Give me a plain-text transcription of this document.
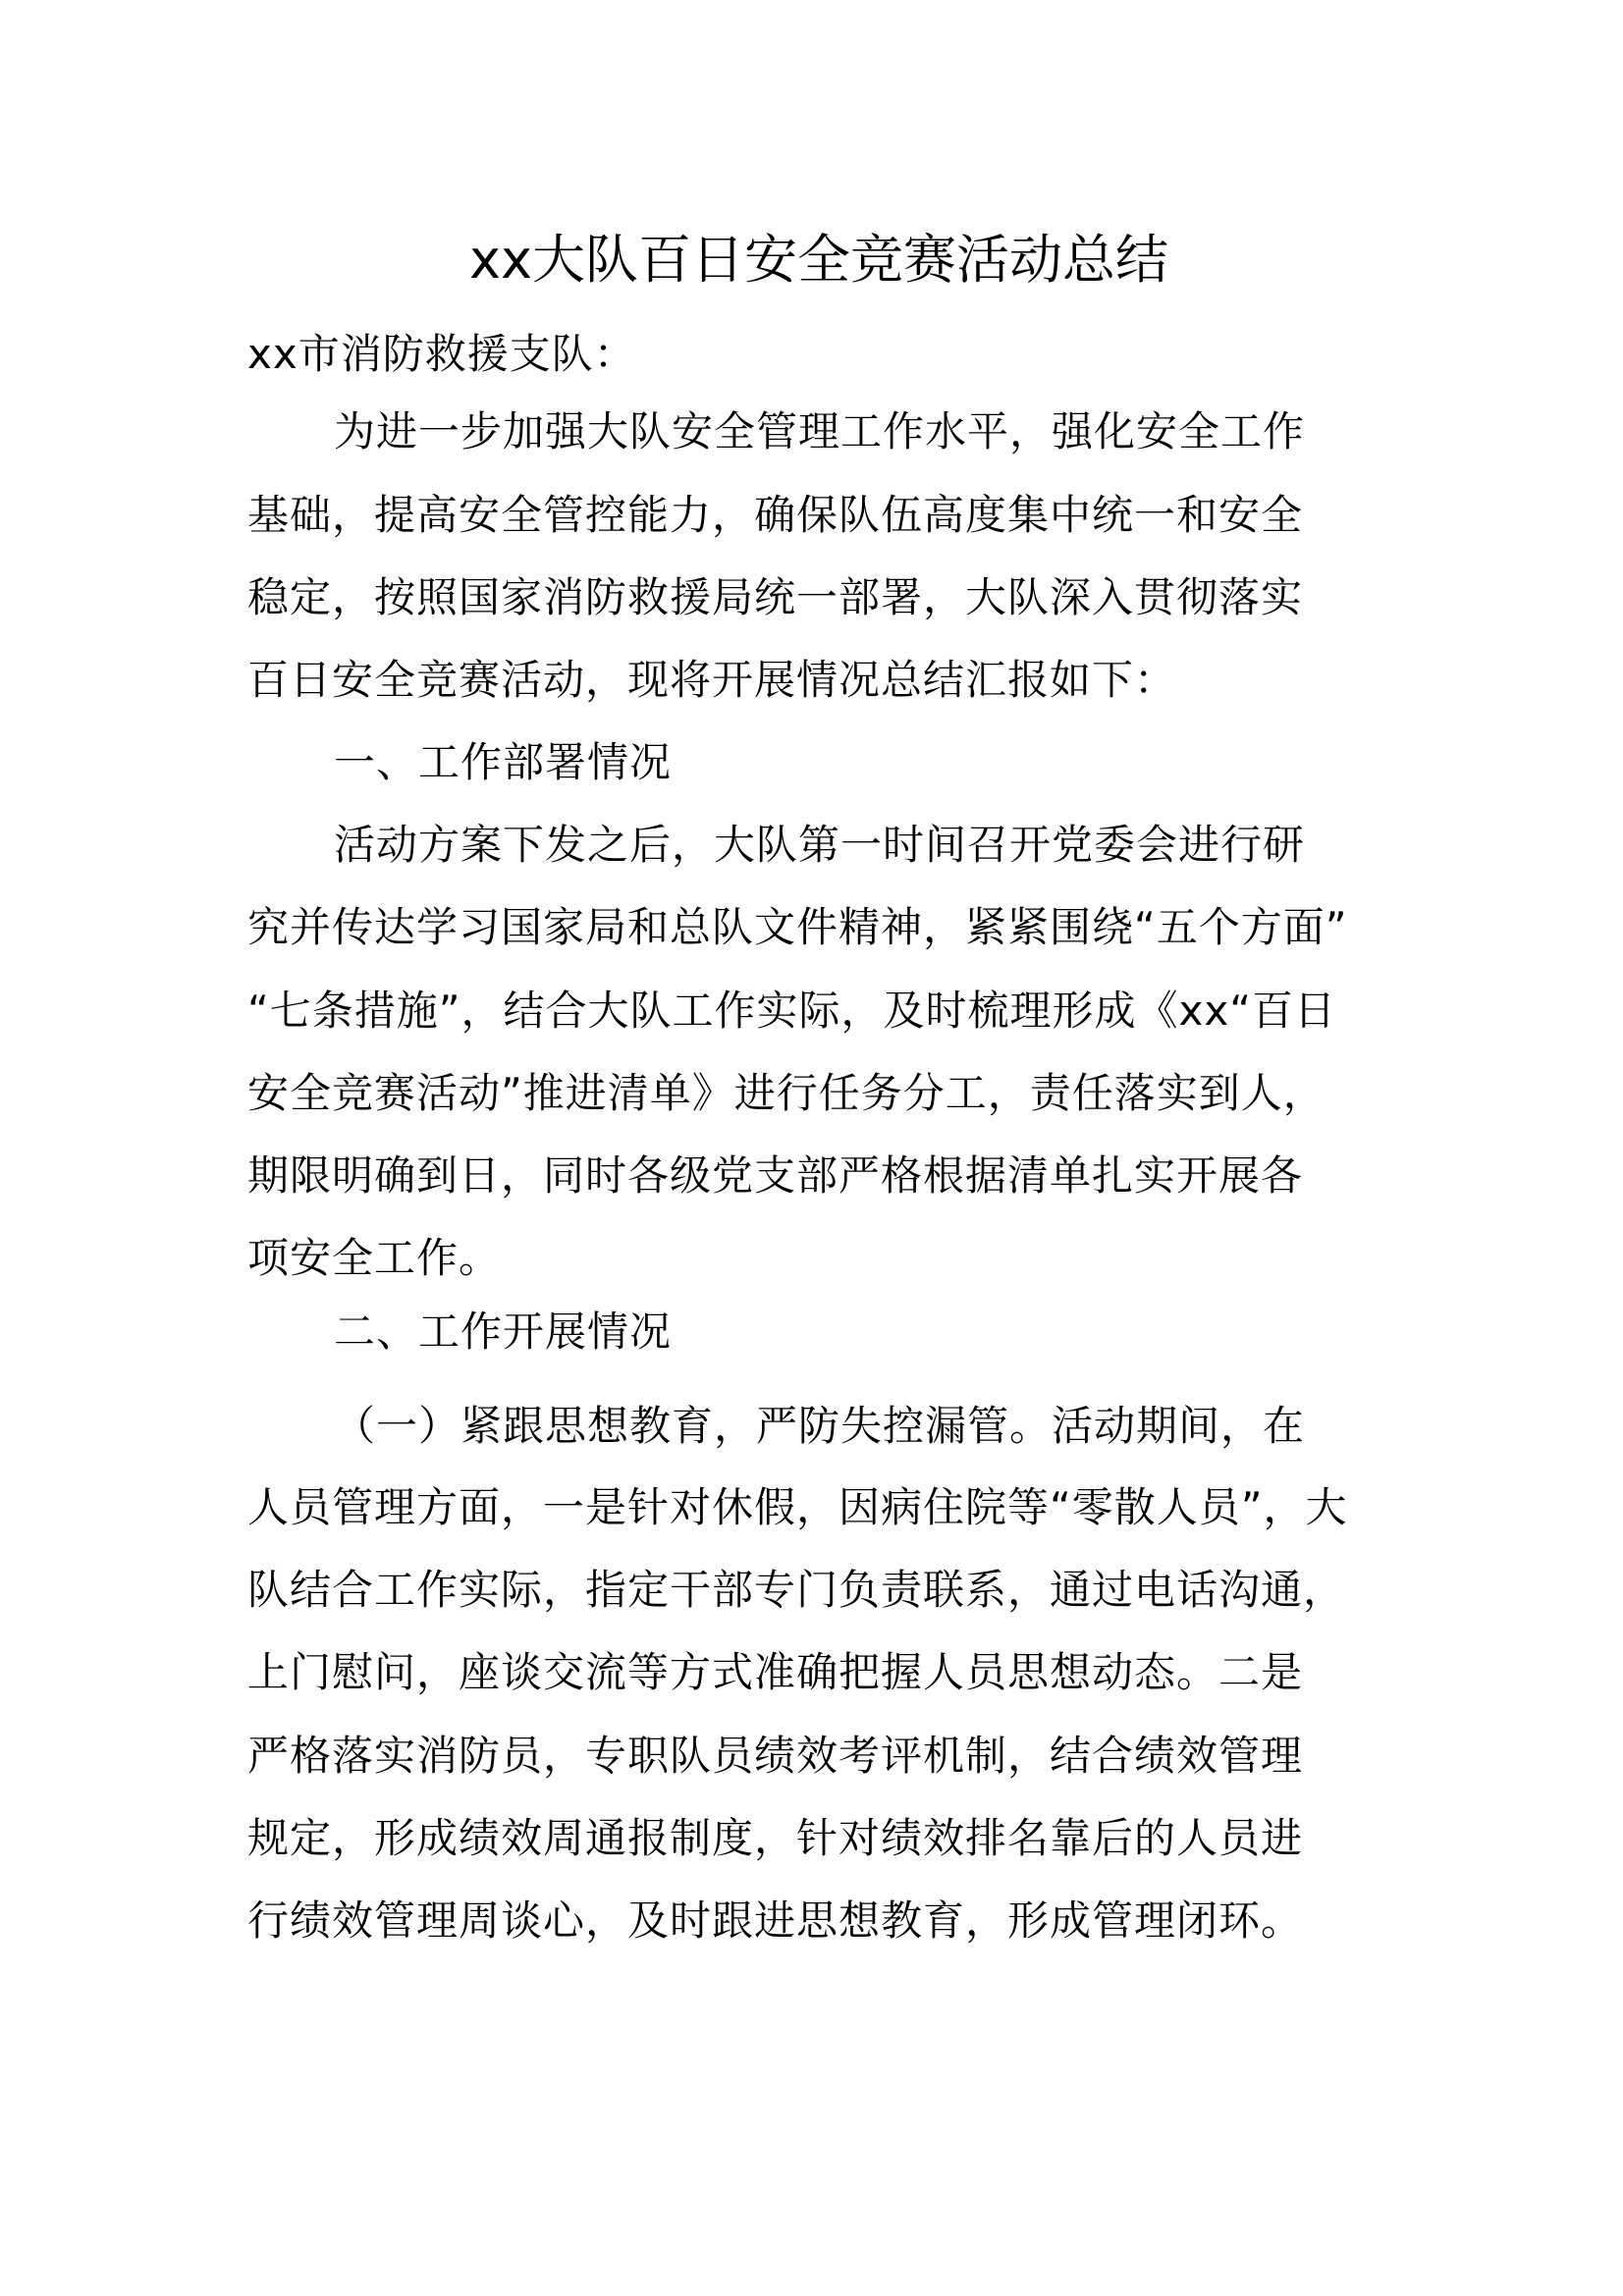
xx大队百日安全竞赛活动总结
xx市消防救援支队：
为进一步加强大队安全管理工作水平，强化安全工作
基础，提高安全管控能力，确保队伍高度集中统一和安全
稳定，按照国家消防救援局统一部署，大队深入贯彻落实
百日安全竞赛活动，现将开展情况总结汇报如下：
一、工作部署情况
活动方案下发之后，大队第一时间召开党委会进行研
究并传达学习国家局和总队文件精神，紧紧围绕“五个方面”
“七条措施”，结合大队工作实际，及时梳理形成《xx“百日
安全竞赛活动”推进清单》进行任务分工，责任落实到人，
期限明确到日，同时各级党支部严格根据清单扎实开展各
项安全工作。
二、工作开展情况
（一）紧跟思想教育，严防失控漏管。活动期间，在
人员管理方面，一是针对休假，因病住院等“零散人员”，大
队结合工作实际，指定干部专门负责联系，通过电话沟通，
上门慰问，座谈交流等方式准确把握人员思想动态。二是
严格落实消防员，专职队员绩效考评机制，结合绩效管理
规定，形成绩效周通报制度，针对绩效排名靠后的人员进
行绩效管理周谈心，及时跟进思想教育，形成管理闭环。
